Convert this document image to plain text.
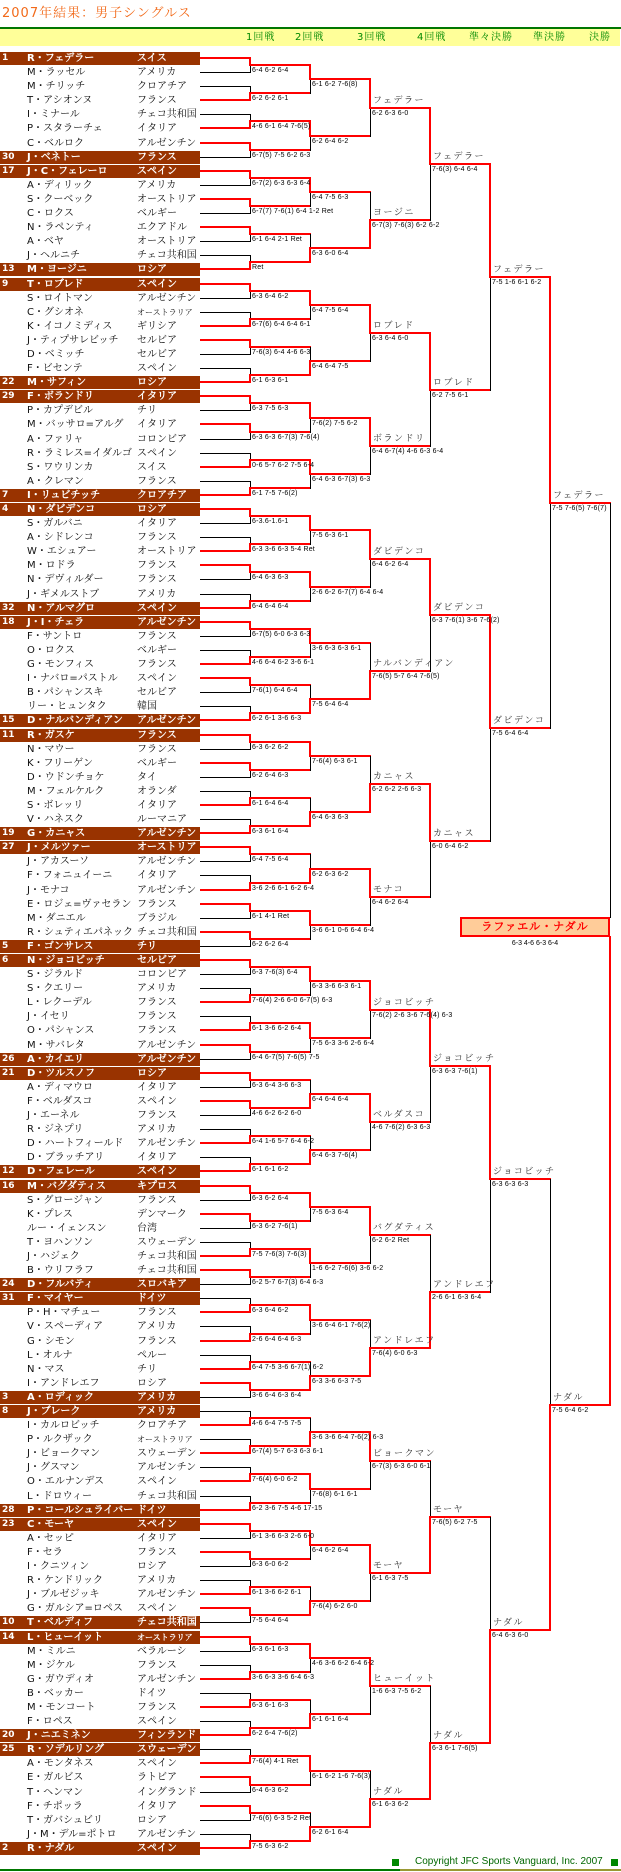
2007年結果：男子シングルス
1回戦 2回戦	3回戦	4回戦 準々決勝 準決勝 決勝
1 R・フェデラー	スイス
M・ラッセル	アメリカ
M・チリッチ	クロアチア
T・アシオンヌ	フランス
I・ミナール	チェコ共和国
P・スタラーチェ	イタリア
C・ベルロク	アルゼンチン
30 J・ベネトー	フランス
17 J・C・フェレーロ	スペイン
A・ディリック	アメリカ
S・クーベック	オーストリア
C・ロクス	ベルギー
N・ラペンティ	エクアドル
A・ベヤ	オーストリア
J・ヘルニチ	チェコ共和国
13 M・ヨージニ	ロシア
9 T・ロブレド	スペイン
S・ロイトマン	アルゼンチン
C・グシオネ	オーストラリア
K・イコノミディス ギリシア
J・ティプサレビッチ セルビア
D・ベミッチ	セルビア
F・ビセンテ	スペイン
22 M・サフィン	ロシア
29 F・ボランドリ	イタリア
P・カプデビル	チリ
M・バッサロ=アルグ イタリア
A・ファリャ	コロンビア
R・ラミレス=イダルゴ スペイン
S・ワウリンカ	スイス
A・クレマン	フランス
7 I・リュビチッチ	クロアチア
4 N・ダビデンコ	ロシア
S・ガルバニ	イタリア
A・シドレンコ	フランス
W・エシュアー	オーストリア
M・ロドラ	フランス
N・デヴィルダー	フランス
J・ギメルストブ	アメリカ
32 N・アルマグロ	スペイン
18 J・I・チェラ	アルゼンチン
F・サントロ	フランス
O・ロクス	ベルギー
G・モンフィス	フランス
I・ナバロ=パストル スペイン
B・パシャンスキ	セルビア
リー・ヒュンタク	韓国
15 D・ナルバンディアン アルゼンチン
11 R・ガスケ	フランス
N・マウー	フランス
K・フリーゲン	ベルギー
D・ウドンチョケ	タイ
M・フェルケルク	オランダ
S・ボレッリ	イタリア
V・ハネスク	ルーマニア
19 G・カニャス	アルゼンチン
27 J・メルツァー	オーストリア
J・アカスーソ	アルゼンチン
F・フォニュイーニ イタリア
J・モナコ	アルゼンチン
E・ロジェ=ヴァセラン フランス
M・ダニエル	ブラジル
R・シュティエパネック チェコ共和国
5 F・ゴンサレス	チリ
6 N・ジョコビッチ	セルビア
S・ジラルド	コロンビア
S・クエリー	アメリカ
L・レクーデル	フランス
J・イセリ	フランス
O・パシャンス	フランス
M・サバレタ	アルゼンチン
26 A・カイエリ	アルゼンチン
21 D・ツルスノフ	ロシア
A・ディマウロ	イタリア
F・ベルダスコ	スペイン
J・エーネル	フランス
R・ジネプリ	アメリカ
D・ハートフィールド アルゼンチン
D・ブラッチアリ	イタリア
12 D・フェレール	スペイン
16 M・バグダティス	キプロス
S・グロージャン	フランス
K・プレス	デンマーク
ルー・イェンスン	台湾
T・ヨハンソン	スウェーデン
J・ハジェク	チェコ共和国
B・ウリフラフ	チェコ共和国
24 D・フルバティ	スロバキア
31 F・マイヤー	ドイツ
P・H・マチュー	フランス
V・スペーディア	アメリカ
G・シモン	フランス
L・オルナ	ペルー
N・マス	チリ
I・アンドレエフ	ロシア
3 A・ロディック	アメリカ
8 J・ブレーク	アメリカ
I・カルロビッチ	クロアチア
P・ルクザック	オーストラリア
J・ビョークマン	スウェーデン
J・グスマン	アルゼンチン
O・エルナンデス	スペイン
L・ドロウィー	チェコ共和国
28 P・コールシュライバー ドイツ
23 C・モーヤ	スペイン
A・セッピ	イタリア
F・セラ	フランス
I・クニツィン	ロシア
R・ケンドリック	アメリカ
J・ブルゼジッキ	アルゼンチン
G・ガルシア=ロペス スペイン
10 T・ベルディフ	チェコ共和国
14 L・ヒューイット	オーストラリア
M・ミルニ	ベラルーシ
M・ジケル	フランス
G・ガウディオ	アルゼンチン
B・ベッカー	ドイツ
M・モンコート	フランス
F・ロペス	スペイン
20 J・ニエミネン	フィンランド
25 R・ソデルリング	スウェーデン
A・モンタネス	スペイン
E・ガルビス	ラトビア
T・ヘンマン	イングランド
F・チポッラ	イタリア
T・ガバシュビリ	ロシア
J・M・デル=ポトロ アルゼンチン
2 R・ナダル	スペイン
ラファエル・ナダル
6-4 6-2 6-4
6-2 6-2 6-1
4-6 6-1 6-4 7-6(5)
6-7(5) 7-5 6-2 6-3
6-7(2) 6-3 6-3 6-4
6-7(7) 7-6(1) 6-4 1-2 Ret
6-1 6-4 2-1 Ret
Ret
6-3 6-4 6-2
6-7(6) 6-4 6-4 6-1
7-6(3) 6-4 4-6 6-3
6-1 6-3 6-1
6-3 7-5 6-3
6-3 6-3 6-7(3) 7-6(4)
0-6 5-7 6-2 7-5 6-4
6-1 7-5 7-6(2)
6-3.6-1.6-1
6-3 3-6 6-3 5-4 Ret
6-4 6-3 6-3
6-4 6-4 6-4
6-7(5) 6-0 6-3 6-3
4-6 6-4 6-2 3-6 6-1
7-6(1) 6-4 6-4
6-2 6-1 3-6 6-3
6-3 6-2 6-2
6-2 6-4 6-3
6-1 6-4 6-4
6-3 6-1 6-4
6-4 7-5 6-4
3-6 2-6 6-1 6-2 6-4
6-1 4-1 Ret
6-2 6-2 6-4
6-3 7-6(3) 6-4
7-6(4) 2-6 6-0 6-7(5) 6-3
6-1 3-6 6-2 6-4
6-4 6-7(5) 7-6(5) 7-5
6-3 6-4 3-6 6-3
4-6 6-2 6-2 6-0
6-4 1-6 5-7 6-4 6-2
6-1 6-1 6-2
6-3 6-2 6-4
6-3 6-2 7-6(1)
7-5 7-6(3) 7-6(3)
6-2 5-7 6-7(3) 6-4 6-3
6-3 6-4 6-2
2-6 6-4 6-4 6-3
6-4 7-5 3-6 6-7(1) 6-2
3-6 6-4 6-3 6-4
4-6 6-4 7-5 7-5
6-7(4) 5-7 6-3 6-3 6-1
7-6(4) 6-0 6-2
6-2 3-6 7-5 4-6 17-15
6-1 3-6 6-3 2-6 6-0
6-3 6-0 6-2
6-1 3-6 6-2 6-1
7-5 6-4 6-4
6-3 6-1 6-3
3-6 6-3 3-6 6-4 6-3
6-3 6-1 6-3
6-2 6-4 7-6(2)
7-6(4) 4-1 Ret
6-4 6-3 6-2
7-6(6) 6-3 5-2 Ret
7-5 6-3 6-2
6-1 6-2 7-6(8)
6-2 6-4 6-2
6-4 7-5 6-3
6-3 6-0 6-4
6-4 7-5 6-4
6-4 6-4 7-5
7-6(2) 7-5 6-2
6-4 6-3 6-7(3) 6-3
7-5 6-3 6-1
2-6 6-2 6-7(7) 6-4 6-4
3-6 6-3 6-3 6-1
7-5 6-4 6-4
7-6(4) 6-3 6-1
6-4 6-3 6-3
6-2 6-3 6-2
3-6 6-1 0-6 6-4 6-4
6-3 3-6 6-3 6-1
7-5 6-3 3-6 2-6 6-4
6-4 6-4 6-4
6-4 6-3 7-6(4)
7-5 6-3 6-4
1-6 6-2 7-6(6) 3-6 6-2
3-6 6-4 6-1 7-6(2)
6-3 3-6 6-3 7-5
3-6 3-6 6-4 7-6(2) 6-3
7-6(8) 6-1 6-1
6-4 6-2 6-4
7-6(4) 6-2 6-0
4-6 3-6 6-2 6-4 6-2
6-1 6-1 6-4
6-1 6-2 1-6 7-6(3)
6-2 6-1 6-4
6-2 6-3 6-0
フェデラー
6-7(3) 7-6(3) 6-2 6-2
ヨージニ
6-3 6-4 6-0
ロブレド
6-4 6-7(4) 4-6 6-3 6-4
ボランドリ
6-4 6-2 6-4
ダビデンコ
7-6(5) 5-7 6-4 7-6(5)
ナルバンディアン
6-2 6-2 2-6 6-3
カニャス
6-4 6-2 6-4
モナコ
7-6(2) 2-6 3-6 7-6(4) 6-3
ジョコビッチ
4-6 7-6(2) 6-3 6-3
ベルダスコ
6-2 6-2 Ret
バグダティス
7-6(4) 6-0 6-3
アンドレエフ
6-7(3) 6-3 6-0 6-1
ビョークマン
6-1 6-3 7-5
モーヤ
1-6 6-3 7-5 6-2
ヒューイット
6-1 6-3 6-2
ナダル
7-6(3) 6-4 6-4
フェデラー
6-2 7-5 6-1
ロブレド
6-3 7-6(1) 3-6 7-6(2)
ダビデンコ
6-0 6-4 6-2
カニャス
6-3 6-3 7-6(1)
ジョコビッチ
2-6 6-1 6-3 6-4
アンドレエフ
7-6(5) 6-2 7-5
モーヤ
6-3 6-1 7-6(5)
ナダル
7-5 1-6 6-1 6-2
フェデラー
7-5 6-4 6-4
ダビデンコ
6-3 6-3 6-3
ジョコビッチ
6-4 6-3 6-0
ナダル
7-5 7-6(5) 7-6(7)
フェデラー
7-5 6-4 6-2
ナダル
6-3 4-6 6-3 6-4
Copyright JFC Sports Vanguard, Inc. 2007
